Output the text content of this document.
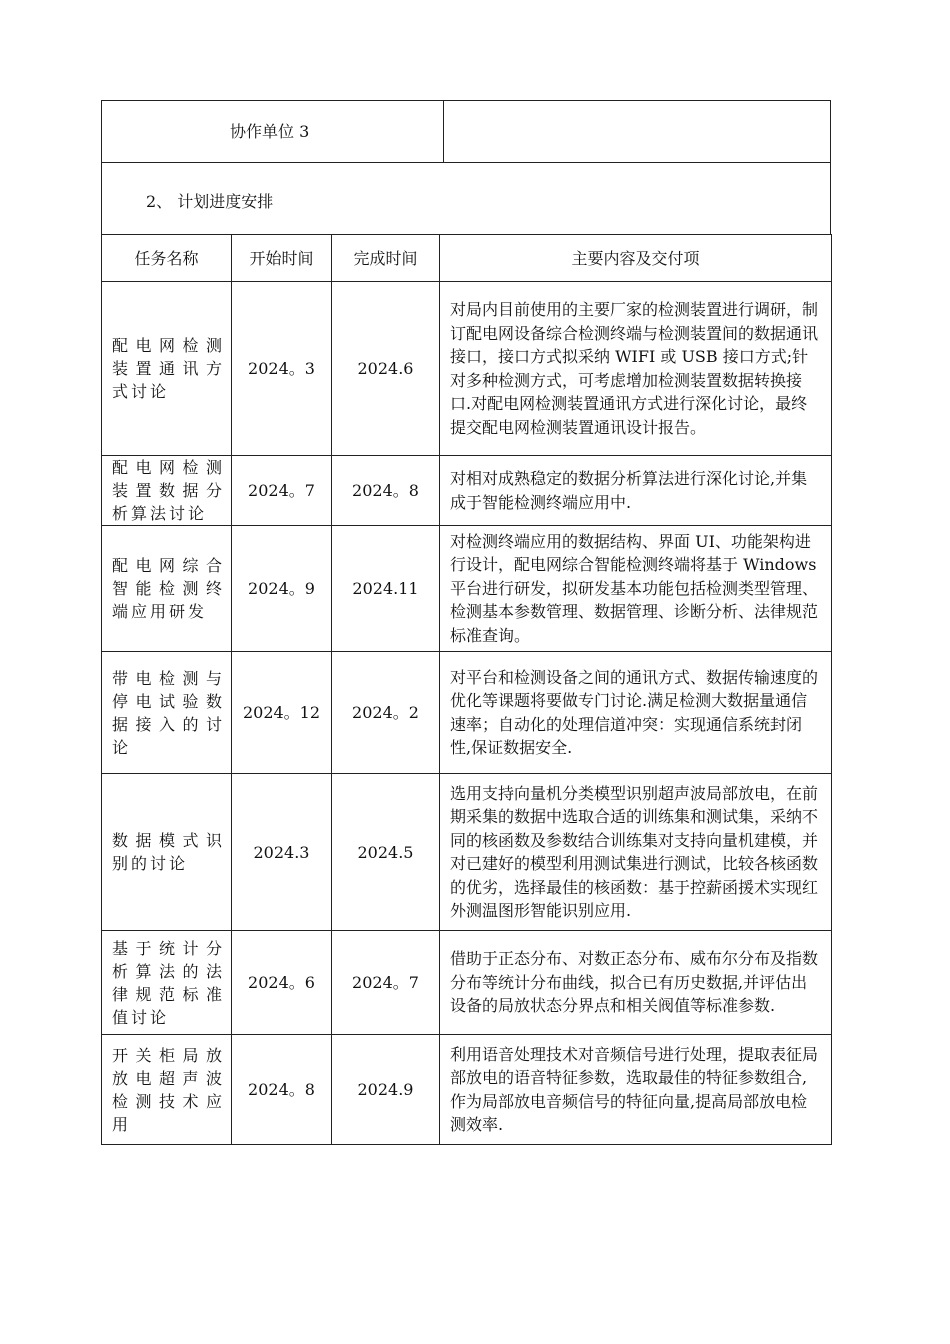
协作单位 3
2、 计划进度安排
任务名称	开始时间	完成时间	主要内容及交付项
配电网检测装置通讯方式讨论	2024。3	2024.6	对局内目前使用的主要厂家的检测装置进行调研，制订配电网设备综合检测终端与检测装置间的数据通讯接口，接口方式拟采纳 WIFI 或 USB 接口方式;针对多种检测方式，可考虑增加检测装置数据转换接口.对配电网检测装置通讯方式进行深化讨论，最终提交配电网检测装置通讯设计报告。
配电网检测装置数据分析算法讨论	2024。7	2024。8	对相对成熟稳定的数据分析算法进行深化讨论,并集成于智能检测终端应用中.
配电网综合智能检测终端应用研发	2024。9	2024.11	对检测终端应用的数据结构、界面 UI、功能架构进行设计，配电网综合智能检测终端将基于 Windows 平台进行研发，拟研发基本功能包括检测类型管理、检测基本参数管理、数据管理、诊断分析、法律规范标准查询。
带电检测与停电试验数据接入的讨论	2024。12	2024。2	对平台和检测设备之间的通讯方式、数据传输速度的优化等课题将要做专门讨论.满足检测大数据量通信速率；自动化的处理信道冲突：实现通信系统封闭性,保证数据安全.
数据模式识别的讨论	2024.3	2024.5	选用支持向量机分类模型识别超声波局部放电，在前期采集的数据中选取合适的训练集和测试集，采纳不同的核函数及参数结合训练集对支持向量机建模，并对已建好的模型利用测试集进行测试，比较各核函数的优劣，选择最佳的核函数：基于控薪函援术实现红外测温图形智能识别应用.
基于统计分析算法的法律规范标准值讨论	2024。6	2024。7	借助于正态分布、对数正态分布、威布尔分布及指数分布等统计分布曲线，拟合已有历史数据,并评估出设备的局放状态分界点和相关阀值等标准参数.
开关柜局放放电超声波检测技术应用	2024。8	2024.9	利用语音处理技术对音频信号进行处理，提取表征局部放电的语音特征参数，选取最佳的特征参数组合,作为局部放电音频信号的特征向量,提高局部放电检测效率.
